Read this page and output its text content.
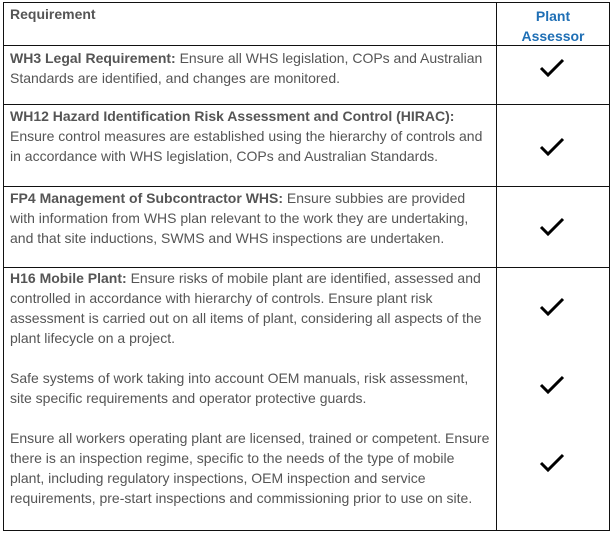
Requirement	Plant
Assessor
WH3 Legal Requirement: Ensure all WHS legislation, COPs and Australian Standards are identified, and changes are monitored.
WH12 Hazard Identification Risk Assessment and Control (HIRAC): Ensure control measures are established using the hierarchy of controls and in accordance with WHS legislation, COPs and Australian Standards.
FP4 Management of Subcontractor WHS: Ensure subbies are provided with information from WHS plan relevant to the work they are undertaking, and that site inductions, SWMS and WHS inspections are undertaken.
H16 Mobile Plant: Ensure risks of mobile plant are identified, assessed and controlled in accordance with hierarchy of controls. Ensure plant risk assessment is carried out on all items of plant, considering all aspects of the plant lifecycle on a project.
Safe systems of work taking into account OEM manuals, risk assessment, site specific requirements and operator protective guards.
Ensure all workers operating plant are licensed, trained or competent. Ensure there is an inspection regime, specific to the needs of the type of mobile plant, including regulatory inspections, OEM inspection and service requirements, pre-start inspections and commissioning prior to use on site.
